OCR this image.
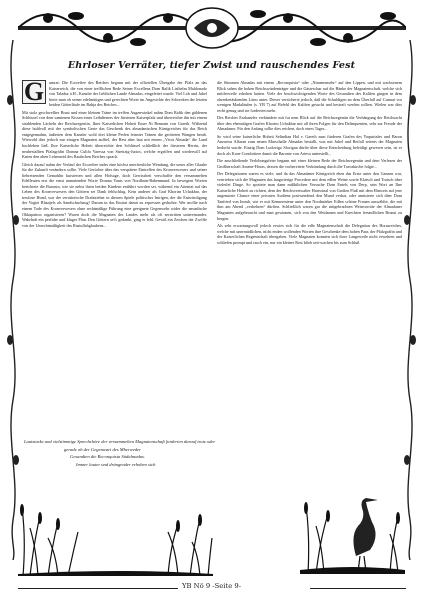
Ehrloser Verräter, tiefer Zwist und rauschendes Fest
G	umrat: Die Ecorefiee des Reiches begann mit der offiziellen Übergabe der Pfalz an das Kaiserreich, die von einer trefflichen Rede Seiner Excellenz Dom Rafik Listhelm Maldonado von Taladur ä.H., Kanzler der lieblichen Lande Almadas, eingeleitet wurde. Viel Lob und Jubel hörte man ob seiner edelmütigen und gerechten Worte im Angesichte der Schrecken der letzten beiden Götterläufe im Rahja des Reiches...

Mit stolz geschwellter Brust und einer kleinen Träne im treffen Augenwinkel nahm Dom Rafik den güldenen Schlüssel von dem samtenen Kissen eines Leibdieners der fürsteren Kaiserpfalz und überreichte ihn mit einem strahlenden Lächeln der Reichsregentin, Ihrer Kaiserlichen Hoheit Emer Ni Bennain von Gareth. Während diese huldvoll mit der symbolischen Geste das Geschenk des almadanischen Königreiches für das Reich entgegennahm, äußerten dem Kanzler wohl drei kleine Perlen feinster Tränen die geröteten Wangen herab. Wiewohl dies jedoch nur einigen Magnaten auffiel, der Rest aber laut mit einem „Vivat Almada“ die Land hochleben ließ. Ihre Kaiserliche Hoheit überreichte den Schlüssel schließlich der fürsteren Herrin, der neubestallten Pfalzgräfin Domna Culifa Varessa von Streitzig-Jurios, welche ergriffen und wiederwill auf Knien den alten Lehenseid des Raulschen Reiches sprach.

Gleich darauf nahm der Verlauf der Ecorefiee indes eine höchst unerfreuliche Wendung, die unser aller Glaube für die Zukunft verändern sollte. Viele Gerüchte über das verspätete Eintreffen des Kronverwesers und seiner liebreizenden Gemahlin kursierten und allen Hofsage, doch Gewissheit verschaffte den versammelten Edelleuten erst die ernst anmutenden Worte Domna Yanis von Nordhain-Rabenmund. In bewegten Worten berichtete die Baronin, wie sie nebst ihren beiden Kindern entführt worden sei, während ein Attentat auf das Leben des Kronverwesers den Göttern sei Dank fehlschlug. Kein anderer als Graf Khorim Uchakbar, der treulose Hund, war der verräterische Drahtzieher in diesem Spiele politischer Intrigen, der die Entwürdigung der Vogtei Blautjels als Sandschachzug! Darum in das Emirat damit zu erpressen gedachte. Wer mollte nach einem Tode des Kronverwesers ohne rechtmäßige Führung eine geeignete Gegenwehr wider die neuadische Okkupation organisieren? Waren doch die Magnaten des Landes mehr als oft zerstritten untereinander. Wahrhaft ein perfider und kluger Plan. Den Göttern sei's gedankt, ging er fehl. Gewiß ein Zeichen der Zwölfe von der Unrechtmäßigkeit des Rastullahglaubens...

die Stimmen Almadas mit einem „Reconquista“ oder „Nimmermehr“ auf den Lippen, und mit wachsenem Blick sahen die hohen Reichswürdenträger und die Gästeschar auf die Bänke der Magnatenschaft, welche sich mittlerweile erhoben hatten. Viele der beschwichtigenden Worte des Gesandten des Kalifen gingen in dem ohrenbetäubenden Lärm unter. Dieser versicherte jedoch, daß die Schuldigen an dem Überfall auf Cumrat vor wenigen Madaläufen (s. YB 7) auf Befehl des Kalifen gesucht und bestraft werden sollten. Wielen war dies recht genug und sie forderten mehr.

Des Reiches Erzkanzler verkündete mit fut nem Blick auf die Reichsregentin die Verhängung der Reichsacht über den ehemaligen Grafen Khorim Uchakbar mit all ihren Folgen für den Delinquenten, sehr zur Freude der Almadaner. Für den Anfang sollte dies reichen, doch eines Tages...

So wird seine kaiserliche Hoheit Selindian Hal v. Gareth zum fürderen Grafen des Yaquirtales und Baron Anzurius Alfaran zum neuen Marschalle Almadas bestallt, was mit Jubel und Beifall seitens der Magnaten bedacht wurde. Einzig Dom Ludovigo Sforigan dürfte über diese Entscheidung beleidigt gewesen sein, ist er doch als Kron-Condottiere damit die Baronie von Artesa unterstellt...

Die anschließende Verlobungsfeier begann mit einer kleinen Rede der Reichsregentin und dem Verlesen der Großherschaft Amene-Horas, dessen die vorbereitete Verkündung durch die Travakirche folgte...

Der Delegationen waren es viele, und da das Almadaner Königreich eben das Erste unter den Ganzen war, vertrieben sich die Magnaten das langwierige Procedere mit dem edlen Weine sowie Klatsch und Tratsch über vielerlei Dinge. So spottete man dann mißbilichen Versuche Dom Entels von Derp, sein Wort an Ihre Kaiserliche Hoheit zu richten, dem der Reichsvertwalter Hartwinal von Großen Fluß mit dem Hinweis auf jene ungenutzte Chance einer privaten Audienz postwendend den Mund verbat, oder amüsierte sich über Dom Tanfried von Imrah, wie er mit Kennermiene unter den Nordmärker Edlen schöne Frauen auswählte, die mit ihm am Abend „verkehren“ dürften. Schließlich waren gar die mitgebrachten Weinvorräte der Almadaner Magnaten aufgebraucht und man gewinnen, sich von den Weidamen und Knechten freundlichen Brunst zu bergen.

Als sehr erwartungsvoll jedoch erwies sich für die edle Magnatenschaft die Delegation des Horasreiches, welche mit unermüdlichen, nicht enden wollenden Worten ihre Geschenke dem hohen Paar, der Pfalzgräfin und der Kaiserlichen Regentschaft übergaben. Viele Magnaten konnten sich ihrer Langeweile nicht erwehren und schliefen prompt und rasch ein, nur ein kleiner Rest blieb seit-wachen bis zum Schluß

Lautstarke und vielstimmige Sprechchöre der versammelten Magnatenschaft forderten darauf trotz oder
gerade ob der Gegenwart des Mherweder
Gesandten die Reconquista Südalmadas.
Immer lauter und drängender erhoben sich
YB Nö 9 -Seite 9-
